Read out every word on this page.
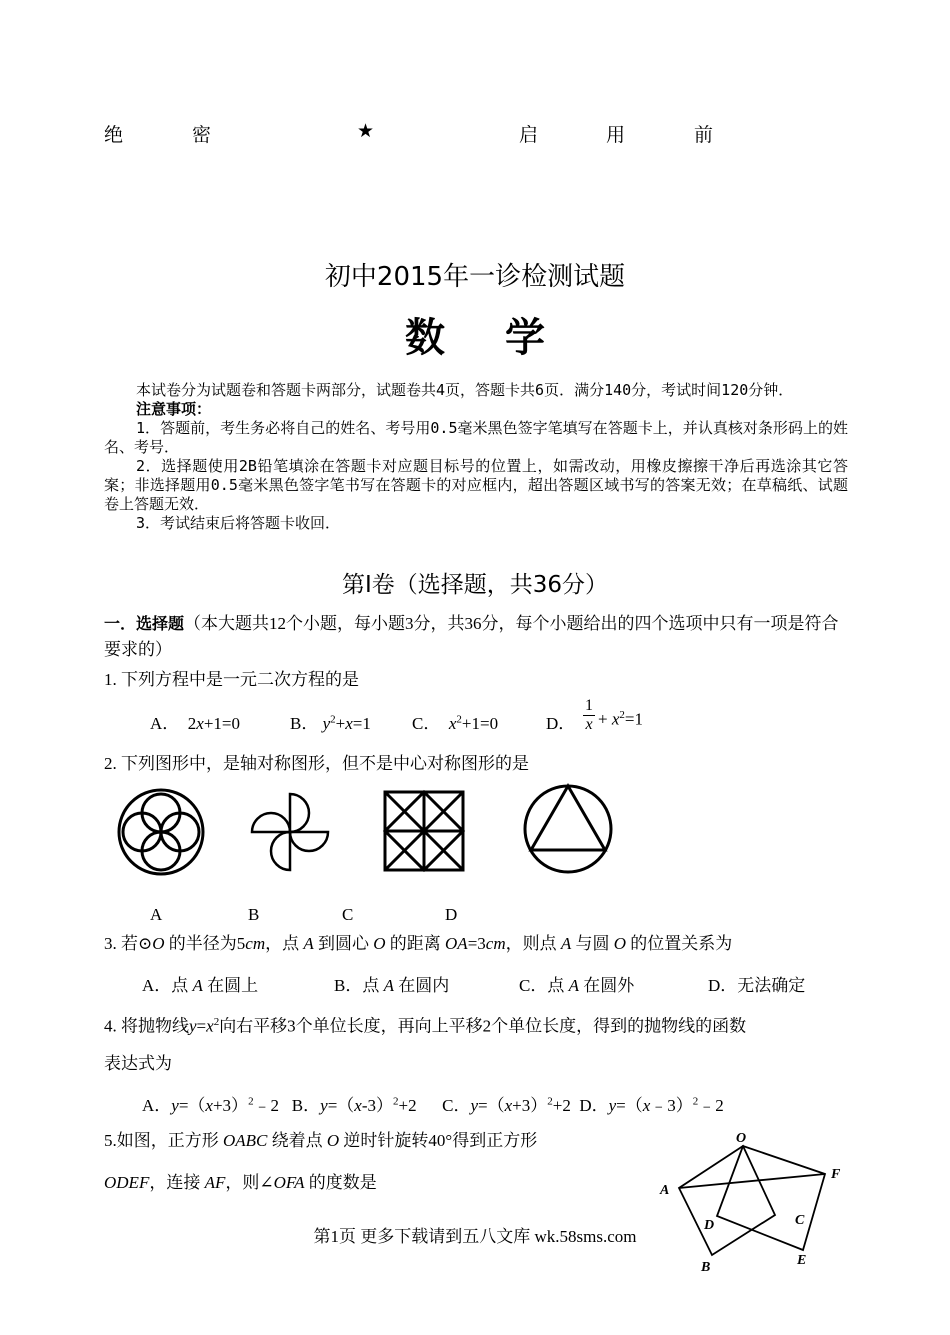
绝	密	★	启	用	前
初中2015年一诊检测试题
数学

本试卷分为试题卷和答题卡两部分，试题卷共4页，答题卡共6页．满分140分，考试时间120分钟．

注意事项：

1．答题前，考生务必将自己的姓名、考号用0.5毫米黑色签字笔填写在答题卡上，并认真核对条形码上的姓名、考号．

2．选择题使用2B铅笔填涂在答题卡对应题目标号的位置上，如需改动，用橡皮擦擦干净后再选涂其它答案；非选择题用0.5毫米黑色签字笔书写在答题卡的对应框内，超出答题区域书写的答案无效；在草稿纸、试题卷上答题无效．

3．考试结束后将答题卡收回．

第Ⅰ卷（选择题，共36分）
一．选择题（本大题共12个小题，每小题3分，共36分，每个小题给出的四个选项中只有一项是符合要求的）
1. 下列方程中是一元二次方程的是
A．  2x+1=0	B． $y^2+x=1$ C． $x^2+1=0$	D． $\frac{1}{x} + x^2=1$
2. 下列图形中，是轴对称图形，但不是中心对称图形的是
A	B	C	D
3. 若⊙O 的半径为5cm，点 A 到圆心 O 的距离 OA=3cm，则点 A 与圆 O 的位置关系为
A．点 A 在圆上	B．点 A 在圆内	C．点 A 在圆外	D．无法确定
4. 将抛物线$y=x^2$向右平移3个单位长度，再向上平移2个单位长度，得到的抛物线的函数
表达式为
A．$y=(x+3)^2﹣2$   B．$y=(x-3)^2+2$      C．$y=(x+3)^2+2$  D．y=（x﹣3）$^2$﹣2
5.如图，正方形 OABC 绕着点 O 逆时针旋转40°得到正方形
ODEF，连接 AF，则∠OFA 的度数是
O
F
A
D	C
B	E
第1页 更多下载请到五八文库 wk.58sms.com
